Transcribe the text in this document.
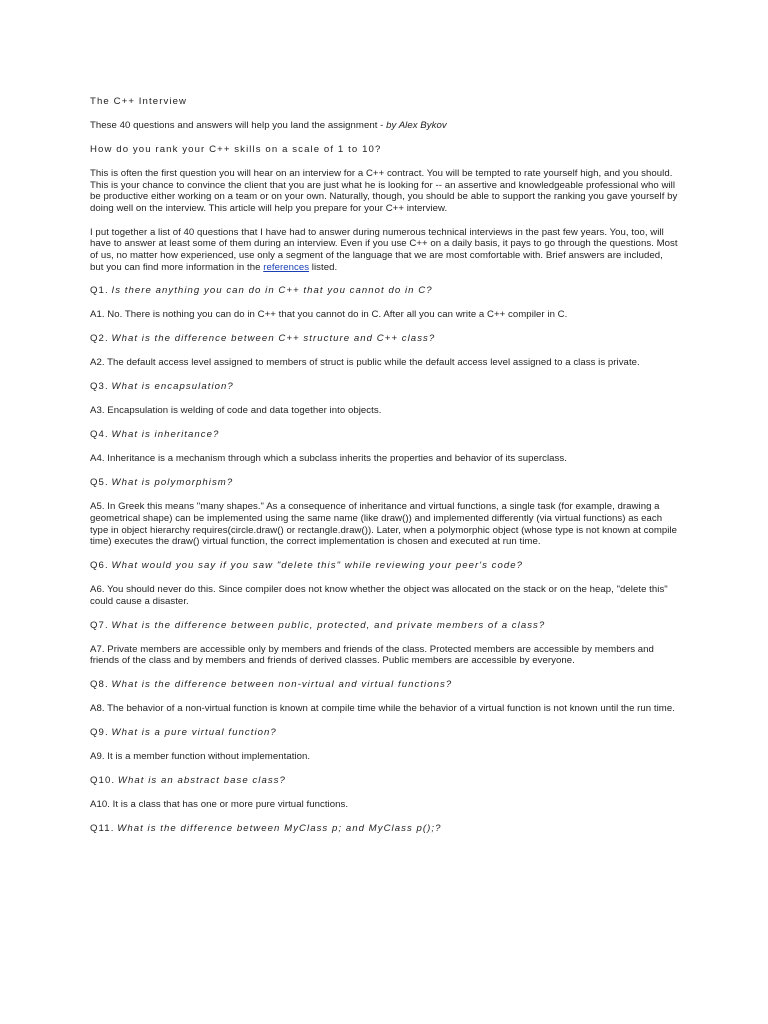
The C++ Interview

These 40 questions and answers will help you land the assignment - by Alex Bykov

How do you rank your C++ skills on a scale of 1 to 10?

This is often the first question you will hear on an interview for a C++ contract. You will be tempted to rate yourself high, and you should. This is your chance to convince the client that you are just what he is looking for -- an assertive and knowledgeable professional who will be productive either working on a team or on your own. Naturally, though, you should be able to support the ranking you gave yourself by doing well on the interview. This article will help you prepare for your C++ interview.

I put together a list of 40 questions that I have had to answer during numerous technical interviews in the past few years. You, too, will have to answer at least some of them during an interview. Even if you use C++ on a daily basis, it pays to go through the questions. Most of us, no matter how experienced, use only a segment of the language that we are most comfortable with. Brief answers are included, but you can find more information in the references listed.

Q1. Is there anything you can do in C++ that you cannot do in C?

A1. No. There is nothing you can do in C++ that you cannot do in C. After all you can write a C++ compiler in C.

Q2. What is the difference between C++ structure and C++ class?

A2. The default access level assigned to members of struct is public while the default access level assigned to a class is private.

Q3. What is encapsulation?

A3. Encapsulation is welding of code and data together into objects.

Q4. What is inheritance?

A4. Inheritance is a mechanism through which a subclass inherits the properties and behavior of its superclass.

Q5. What is polymorphism?

A5. In Greek this means "many shapes." As a consequence of inheritance and virtual functions, a single task (for example, drawing a geometrical shape) can be implemented using the same name (like draw()) and implemented differently (via virtual functions) as each type in object hierarchy requires(circle.draw() or rectangle.draw()). Later, when a polymorphic object (whose type is not known at compile time) executes the draw() virtual function, the correct implementation is chosen and executed at run time.

Q6. What would you say if you saw "delete this" while reviewing your peer's code?

A6. You should never do this. Since compiler does not know whether the object was allocated on the stack or on the heap, "delete this" could cause a disaster.

Q7. What is the difference between public, protected, and private members of a class?

A7. Private members are accessible only by members and friends of the class. Protected members are accessible by members and friends of the class and by members and friends of derived classes. Public members are accessible by everyone.

Q8. What is the difference between non-virtual and virtual functions?

A8. The behavior of a non-virtual function is known at compile time while the behavior of a virtual function is not known until the run time.

Q9. What is a pure virtual function?

A9. It is a member function without implementation.

Q10. What is an abstract base class?

A10. It is a class that has one or more pure virtual functions.

Q11. What is the difference between MyClass p; and MyClass p();?
